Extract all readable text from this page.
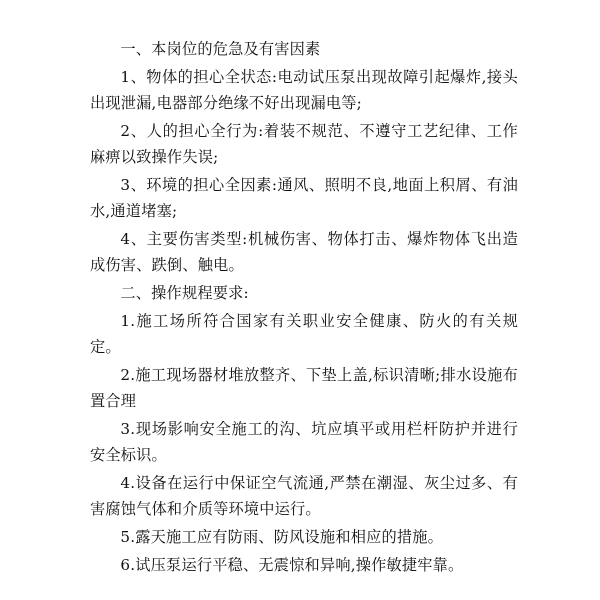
一、本岗位的危急及有害因素

1、物体的担心全状态:电动试压泵出现故障引起爆炸,接头出现泄漏,电器部分绝缘不好出现漏电等;

2、人的担心全行为:着装不规范、不遵守工艺纪律、工作麻痹以致操作失误;

3、环境的担心全因素:通风、照明不良,地面上积屑、有油水,通道堵塞;

4、主要伤害类型:机械伤害、物体打击、爆炸物体飞出造成伤害、跌倒、触电。

二、操作规程要求:

1.施工场所符合国家有关职业安全健康、防火的有关规定。

2.施工现场器材堆放整齐、下垫上盖,标识清晰;排水设施布置合理

3.现场影响安全施工的沟、坑应填平或用栏杆防护并进行安全标识。

4.设备在运行中保证空气流通,严禁在潮湿、灰尘过多、有害腐蚀气体和介质等环境中运行。

5.露天施工应有防雨、防风设施和相应的措施。

6.试压泵运行平稳、无震惊和异响,操作敏捷牢靠。
